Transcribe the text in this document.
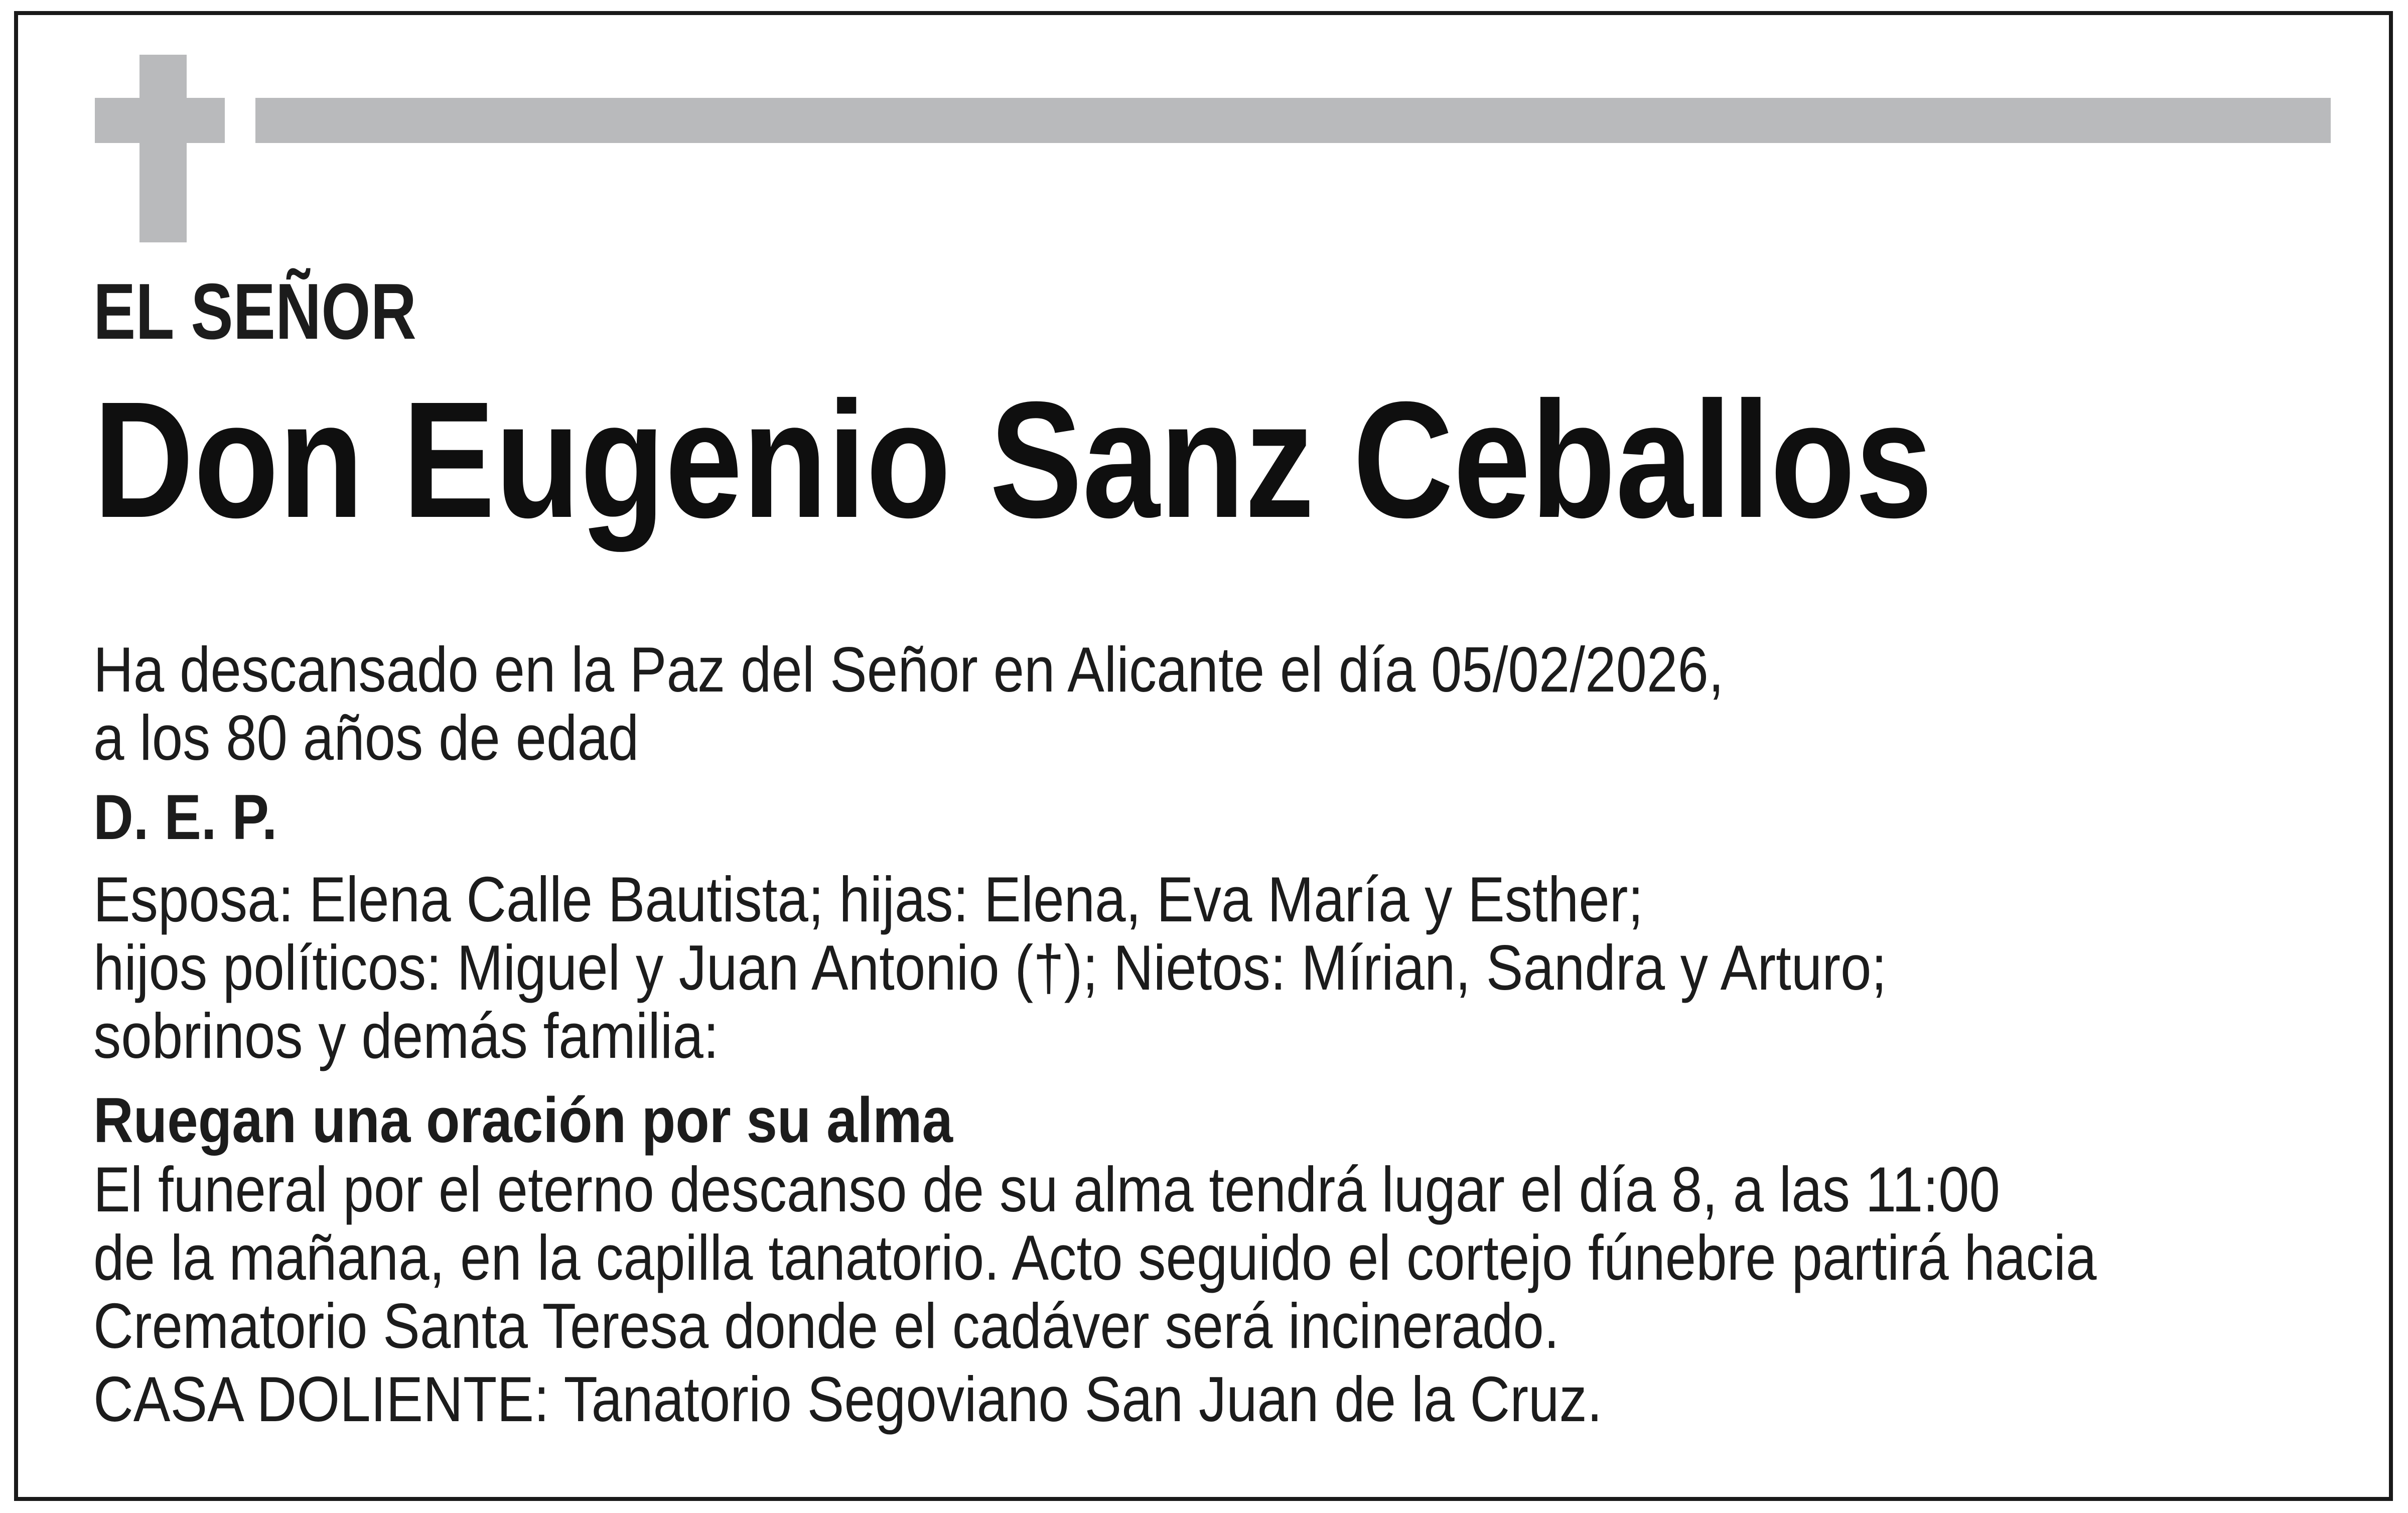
EL SEÑOR
Don Eugenio Sanz Ceballos

Ha descansado en la Paz del Señor en Alicante el día 05/02/2026,

a los 80 años de edad

D. E. P.

Esposa: Elena Calle Bautista; hijas: Elena, Eva María y Esther;

hijos políticos: Miguel y Juan Antonio (†); Nietos: Mírian, Sandra y Arturo;

sobrinos y demás familia:

Ruegan una oración por su alma

El funeral por el eterno descanso de su alma tendrá lugar el día 8, a las 11:00

de la mañana, en la capilla tanatorio. Acto seguido el cortejo fúnebre partirá hacia

Crematorio Santa Teresa donde el cadáver será incinerado.

CASA DOLIENTE: Tanatorio Segoviano San Juan de la Cruz.
